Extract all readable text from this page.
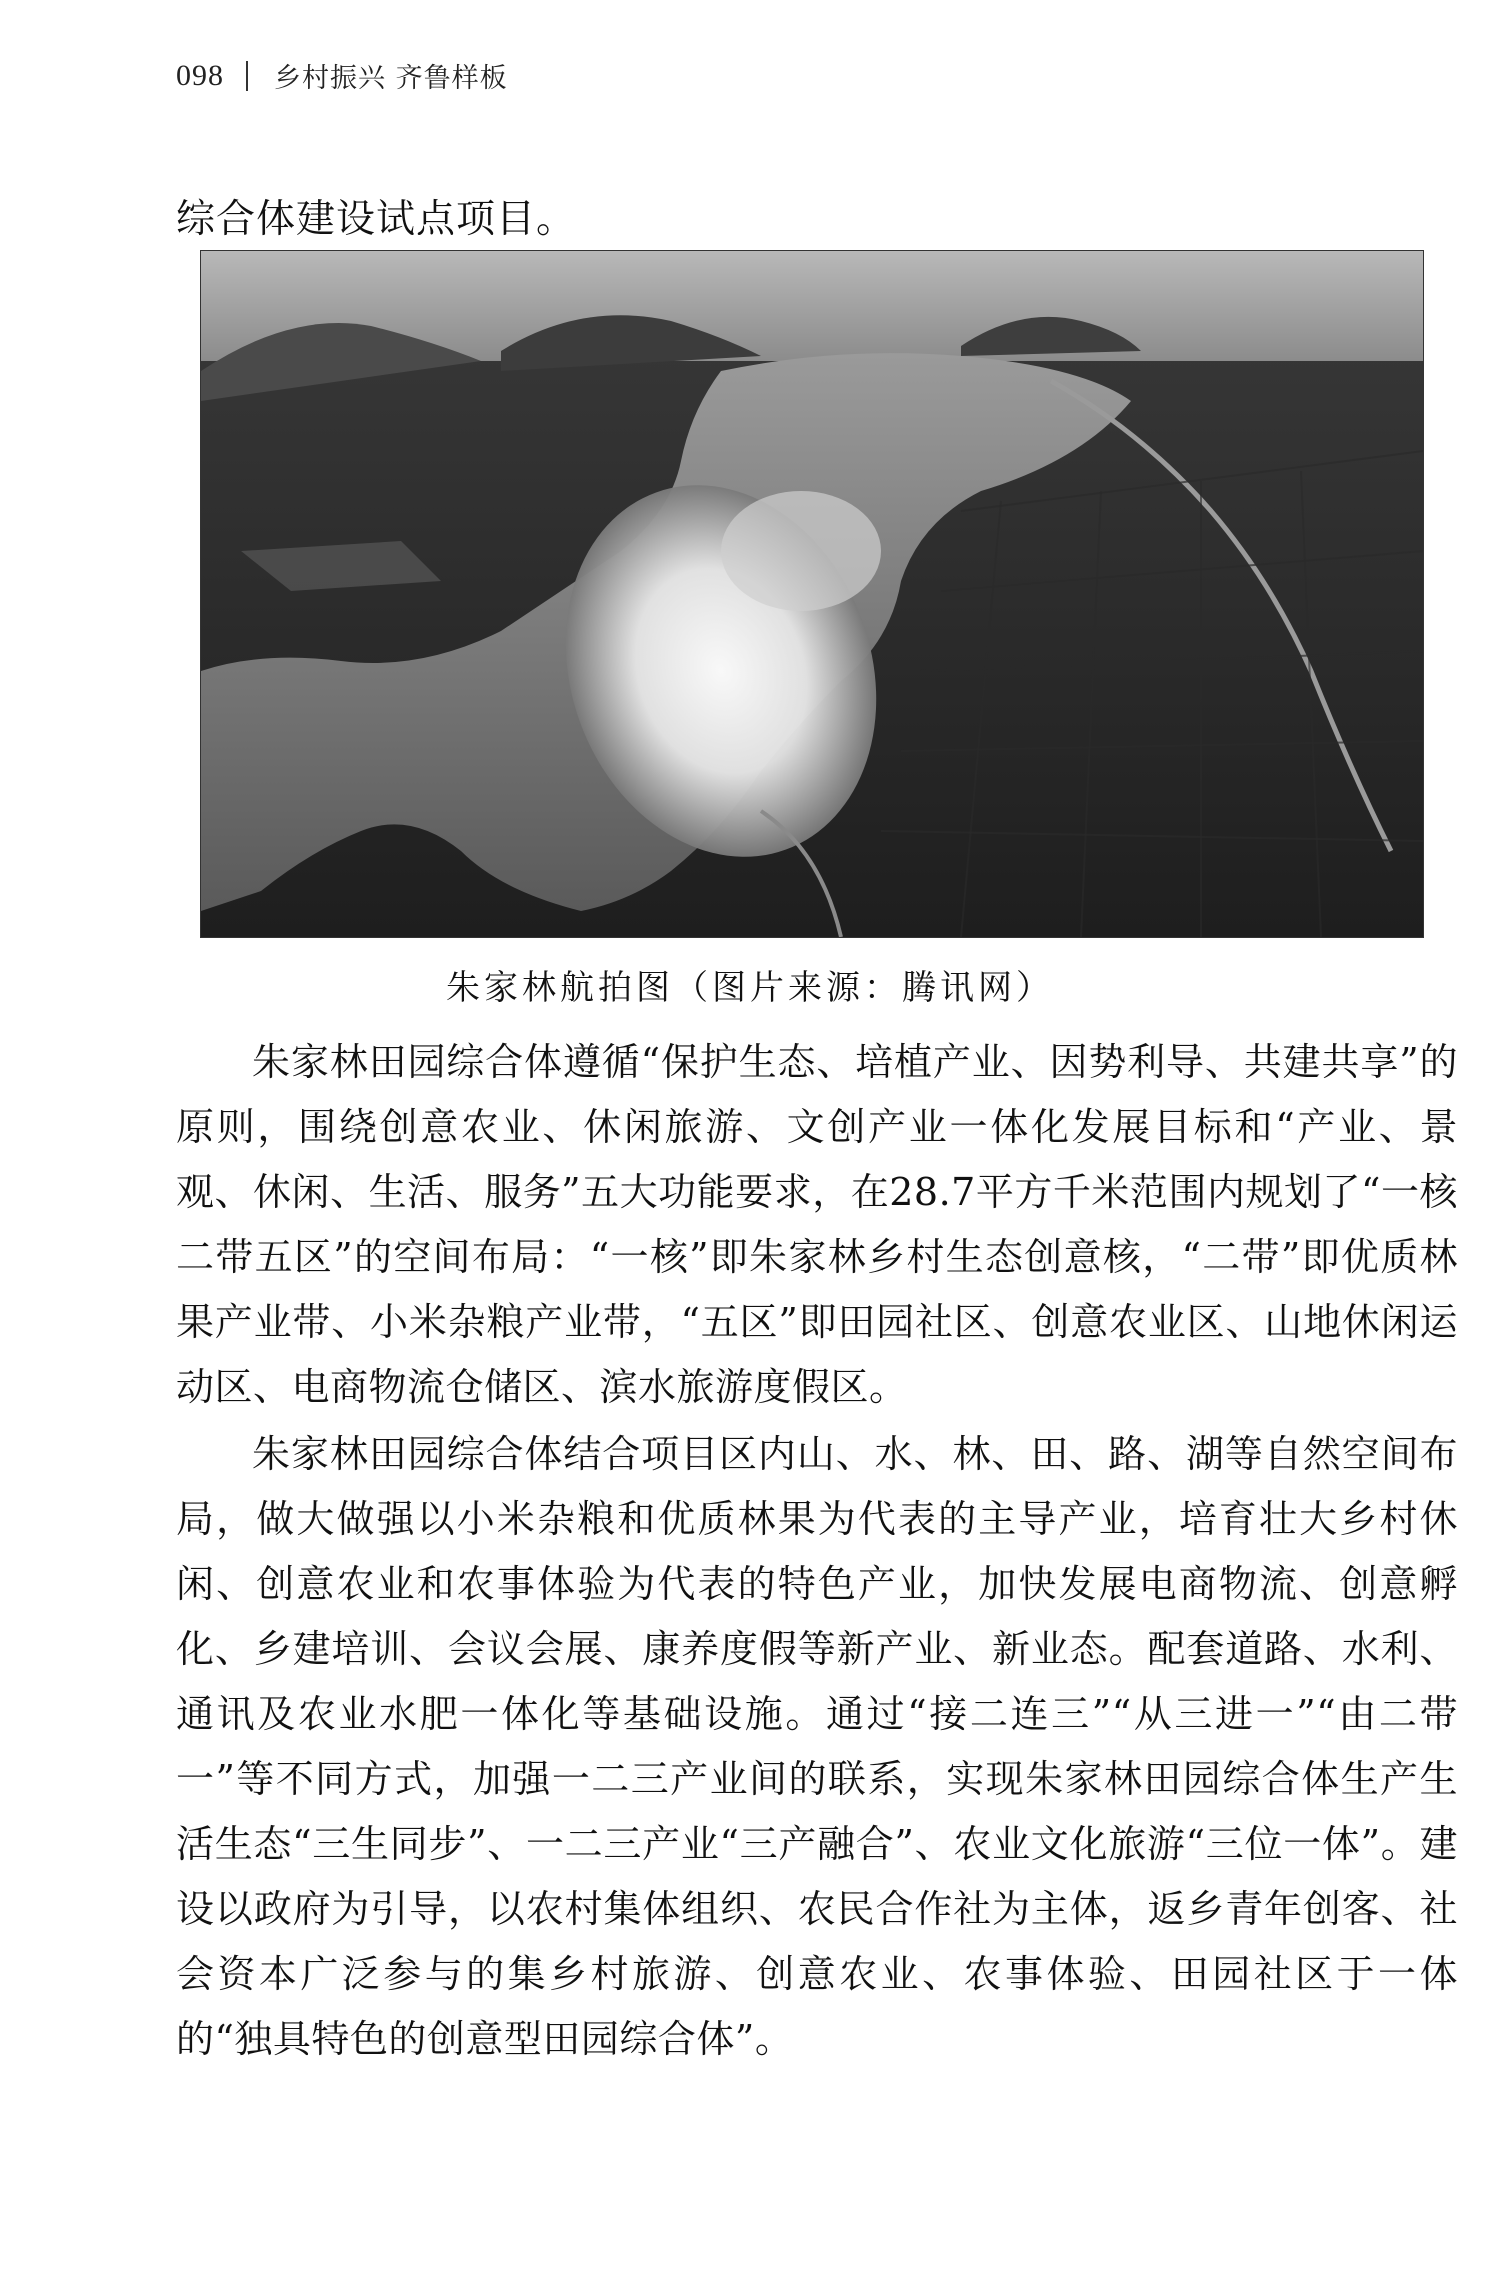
098 乡村振兴 齐鲁样板

综合体建设试点项目。

朱家林航拍图（图片来源：腾讯网）

朱家林田园综合体遵循“保护生态、培植产业、因势利导、共建共享”的原则，围绕创意农业、休闲旅游、文创产业一体化发展目标和“产业、景观、休闲、生活、服务”五大功能要求，在28.7平方千米范围内规划了“一核二带五区”的空间布局：“一核”即朱家林乡村生态创意核，“二带”即优质林果产业带、小米杂粮产业带，“五区”即田园社区、创意农业区、山地休闲运动区、电商物流仓储区、滨水旅游度假区。

朱家林田园综合体结合项目区内山、水、林、田、路、湖等自然空间布局，做大做强以小米杂粮和优质林果为代表的主导产业，培育壮大乡村休闲、创意农业和农事体验为代表的特色产业，加快发展电商物流、创意孵化、乡建培训、会议会展、康养度假等新产业、新业态。配套道路、水利、通讯及农业水肥一体化等基础设施。通过“接二连三”“从三进一”“由二带一”等不同方式，加强一二三产业间的联系，实现朱家林田园综合体生产生活生态“三生同步”、一二三产业“三产融合”、农业文化旅游“三位一体”。建设以政府为引导，以农村集体组织、农民合作社为主体，返乡青年创客、社会资本广泛参与的集乡村旅游、创意农业、农事体验、田园社区于一体的“独具特色的创意型田园综合体”。
